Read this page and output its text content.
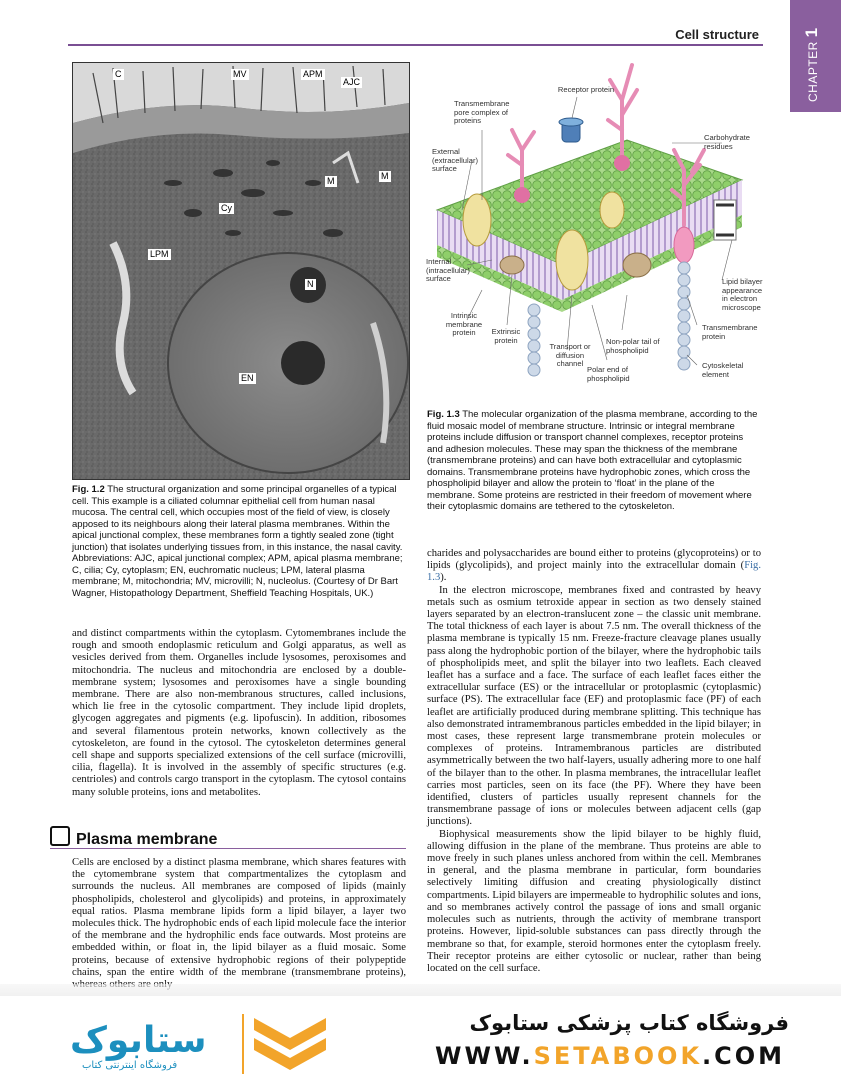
Cell structure
CHAPTER 1
C	MV	APM
AJC
M	M
Cy
LPM
N
EN
Fig. 1.2 The structural organization and some principal organelles of a typical cell. This example is a ciliated columnar epithelial cell from human nasal mucosa. The central cell, which occupies most of the field of view, is closely apposed to its neighbours along their lateral plasma membranes. Within the apical junctional complex, these membranes form a tightly sealed zone (tight junction) that isolates underlying tissues from, in this instance, the nasal cavity. Abbreviations: AJC, apical junctional complex; APM, apical plasma membrane; C, cilia; Cy, cytoplasm; EN, euchromatic nucleus; LPM, lateral plasma membrane; M, mitochondria; MV, microvilli; N, nucleolus. (Courtesy of Dr Bart Wagner, Histopathology Department, Sheffield Teaching Hospitals, UK.)
Receptor protein
Transmembrane pore complex of proteins
External (extracellular) surface
Carbohydrate residues
Internal (intracellular) surface	Lipid bilayer appearance in electron microscope
Intrinsic membrane protein	Extrinsic protein
Transport or diffusion channel
Non-polar tail of phospholipid
Polar end of phospholipid
Transmembrane protein
Cytoskeletal element
Fig. 1.3 The molecular organization of the plasma membrane, according to the fluid mosaic model of membrane structure. Intrinsic or integral membrane proteins include diffusion or transport channel complexes, receptor proteins and adhesion molecules. These may span the thickness of the membrane (transmembrane proteins) and can have both extracellular and cytoplasmic domains. Transmembrane proteins have hydrophobic zones, which cross the phospholipid bilayer and allow the protein to ‘float’ in the plane of the membrane. Some proteins are restricted in their freedom of movement where their cytoplasmic domains are tethered to the cytoskeleton.

and distinct compartments within the cytoplasm. Cytomembranes include the rough and smooth endoplasmic reticulum and Golgi apparatus, as well as vesicles derived from them. Organelles include lysosomes, peroxisomes and mitochondria. The nucleus and mitochondria are enclosed by a double-membrane system; lysosomes and peroxisomes have a single bounding membrane. There are also non-membranous structures, called inclusions, which lie free in the cytosolic compartment. They include lipid droplets, glycogen aggregates and pigments (e.g. lipofuscin). In addition, ribosomes and several filamentous protein networks, known collectively as the cytoskeleton, are found in the cytosol. The cytoskeleton determines general cell shape and supports specialized extensions of the cell surface (microvilli, cilia, flagella). It is involved in the assembly of specific structures (e.g. centrioles) and controls cargo transport in the cytoplasm. The cytosol contains many soluble proteins, ions and metabolites.

Plasma membrane

Cells are enclosed by a distinct plasma membrane, which shares features with the cytomembrane system that compartmentalizes the cytoplasm and surrounds the nucleus. All membranes are composed of lipids (mainly phospholipids, cholesterol and glycolipids) and proteins, in approximately equal ratios. Plasma membrane lipids form a lipid bilayer, a layer two molecules thick. The hydrophobic ends of each lipid molecule face the interior of the membrane and the hydrophilic ends face outwards. Most proteins are embedded within, or float in, the lipid bilayer as a fluid mosaic. Some proteins, because of extensive hydrophobic regions of their polypeptide chains, span the entire width of the membrane (transmembrane proteins),

charides and polysaccharides are bound either to proteins (glycoproteins) or to lipids (glycolipids), and project mainly into the extracellular domain (Fig. 1.3).

In the electron microscope, membranes fixed and contrasted by heavy metals such as osmium tetroxide appear in section as two densely stained layers separated by an electron-translucent zone – the classic unit membrane. The total thickness of each layer is about 7.5 nm. The overall thickness of the plasma membrane is typically 15 nm. Freeze-fracture cleavage planes usually pass along the hydrophobic portion of the bilayer, where the hydrophobic tails of phospholipids meet, and split the bilayer into two leaflets. Each cleaved leaflet has a surface and a face. The surface of each leaflet faces either the extracellular surface (ES) or the intracellular or protoplasmic (cytoplasmic) surface (PS). The extracellular face (EF) and protoplasmic face (PF) of each leaflet are artificially produced during membrane splitting. This technique has also demonstrated intramembranous particles embedded in the lipid bilayer; in most cases, these represent large transmembrane protein molecules or complexes of proteins. Intramembranous particles are distributed asymmetrically between the two half-layers, usually adhering more to one half of the bilayer than to the other. In plasma membranes, the intracellular leaflet carries most particles, seen on its face (the PF). Where they have been identified, clusters of particles usually represent channels for the transmembrane passage of ions or molecules between adjacent cells (gap junctions).

Biophysical measurements show the lipid bilayer to be highly fluid, allowing diffusion in the plane of the membrane. Thus proteins are able to move freely in such planes unless anchored from within the cell. Membranes in general, and the plasma membrane in particular, form boundaries selectively limiting diffusion and creating physiologically distinct compartments. Lipid bilayers are impermeable to hydrophilic solutes and ions, and so membranes actively control the passage of ions and small organic molecules such as nutrients, through the activity of membrane transport proteins. However, lipid-soluble substances can pass directly through the membrane so that, for example, steroid hormones enter the cytoplasm freely. Their receptor proteins are either cytosolic or nuclear, rather than being located on the cell surface.

ستابوک
فروشگاه اینترنتی کتاب
فروشگاه کتاب پزشکی ستابوک
WWW.SETABOOK.COM
